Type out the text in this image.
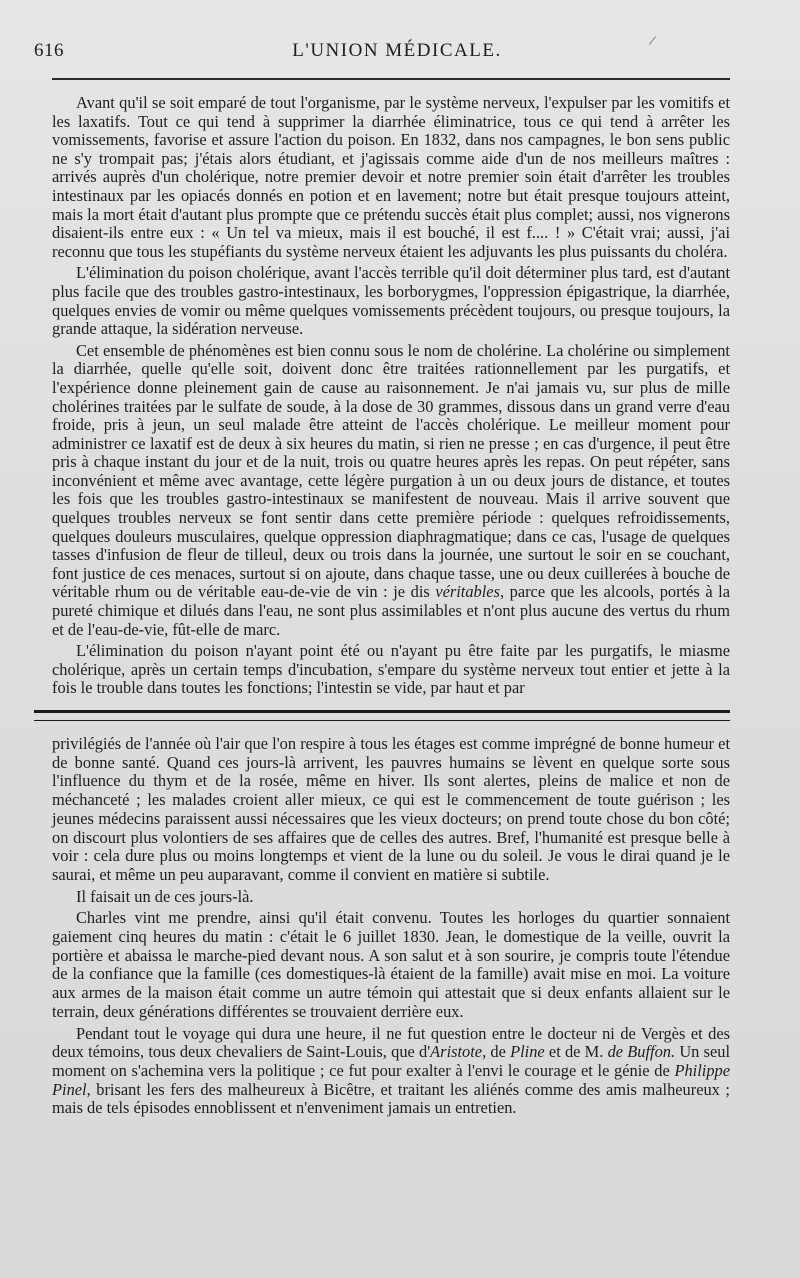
/
616	L'UNION MÉDICALE.

Avant qu'il se soit emparé de tout l'organisme, par le système nerveux, l'expulser par les vomitifs et les laxatifs. Tout ce qui tend à supprimer la diarrhée éliminatrice, tous ce qui tend à arrêter les vomissements, favorise et assure l'action du poison. En 1832, dans nos campagnes, le bon sens public ne s'y trompait pas; j'étais alors étudiant, et j'agissais comme aide d'un de nos meilleurs maîtres : arrivés auprès d'un cholérique, notre premier devoir et notre premier soin était d'arrêter les troubles intestinaux par les opiacés donnés en potion et en lavement; notre but était presque toujours atteint, mais la mort était d'autant plus prompte que ce prétendu succès était plus complet; aussi, nos vignerons disaient-ils entre eux : « Un tel va mieux, mais il est bouché, il est f.... ! » C'était vrai; aussi, j'ai reconnu que tous les stupéfiants du système nerveux étaient les adjuvants les plus puissants du choléra.

L'élimination du poison cholérique, avant l'accès terrible qu'il doit déterminer plus tard, est d'autant plus facile que des troubles gastro-intestinaux, les borborygmes, l'oppression épigastrique, la diarrhée, quelques envies de vomir ou même quelques vomissements précèdent toujours, ou presque toujours, la grande attaque, la sidération nerveuse.

Cet ensemble de phénomènes est bien connu sous le nom de cholérine. La cholérine ou simplement la diarrhée, quelle qu'elle soit, doivent donc être traitées rationnellement par les purgatifs, et l'expérience donne pleinement gain de cause au raisonnement. Je n'ai jamais vu, sur plus de mille cholérines traitées par le sulfate de soude, à la dose de 30 grammes, dissous dans un grand verre d'eau froide, pris à jeun, un seul malade être atteint de l'accès cholérique. Le meilleur moment pour administrer ce laxatif est de deux à six heures du matin, si rien ne presse ; en cas d'urgence, il peut être pris à chaque instant du jour et de la nuit, trois ou quatre heures après les repas. On peut répéter, sans inconvénient et même avec avantage, cette légère purgation à un ou deux jours de distance, et toutes les fois que les troubles gastro-intestinaux se manifestent de nouveau. Mais il arrive souvent que quelques troubles nerveux se font sentir dans cette première période : quelques refroidissements, quelques douleurs musculaires, quelque oppression diaphragmatique; dans ce cas, l'usage de quelques tasses d'infusion de fleur de tilleul, deux ou trois dans la journée, une surtout le soir en se couchant, font justice de ces menaces, surtout si on ajoute, dans chaque tasse, une ou deux cuillerées à bouche de véritable rhum ou de véritable eau-de-vie de vin : je dis véritables, parce que les alcools, portés à la pureté chimique et dilués dans l'eau, ne sont plus assimilables et n'ont plus aucune des vertus du rhum et de l'eau-de-vie, fût-elle de marc.

L'élimination du poison n'ayant point été ou n'ayant pu être faite par les purgatifs, le miasme cholérique, après un certain temps d'incubation, s'empare du système nerveux tout entier et jette à la fois le trouble dans toutes les fonctions; l'intestin se vide, par haut et par

privilégiés de l'année où l'air que l'on respire à tous les étages est comme imprégné de bonne humeur et de bonne santé. Quand ces jours-là arrivent, les pauvres humains se lèvent en quelque sorte sous l'influence du thym et de la rosée, même en hiver. Ils sont alertes, pleins de malice et non de méchanceté ; les malades croient aller mieux, ce qui est le commencement de toute guérison ; les jeunes médecins paraissent aussi nécessaires que les vieux docteurs; on prend toute chose du bon côté; on discourt plus volontiers de ses affaires que de celles des autres. Bref, l'humanité est presque belle à voir : cela dure plus ou moins longtemps et vient de la lune ou du soleil. Je vous le dirai quand je le saurai, et même un peu auparavant, comme il convient en matière si subtile.

Il faisait un de ces jours-là.

Charles vint me prendre, ainsi qu'il était convenu. Toutes les horloges du quartier sonnaient gaiement cinq heures du matin : c'était le 6 juillet 1830. Jean, le domestique de la veille, ouvrit la portière et abaissa le marche-pied devant nous. A son salut et à son sourire, je compris toute l'étendue de la confiance que la famille (ces domestiques-là étaient de la famille) avait mise en moi. La voiture aux armes de la maison était comme un autre témoin qui attestait que si deux enfants allaient sur le terrain, deux générations différentes se trouvaient derrière eux.

Pendant tout le voyage qui dura une heure, il ne fut question entre le docteur ni de Vergès et des deux témoins, tous deux chevaliers de Saint-Louis, que d'Aristote, de Pline et de M. de Buffon. Un seul moment on s'achemina vers la politique ; ce fut pour exalter à l'envi le courage et le génie de Philippe Pinel, brisant les fers des malheureux à Bicêtre, et traitant les aliénés comme des amis malheureux ; mais de tels épisodes ennoblissent et n'enveniment jamais un entretien.
